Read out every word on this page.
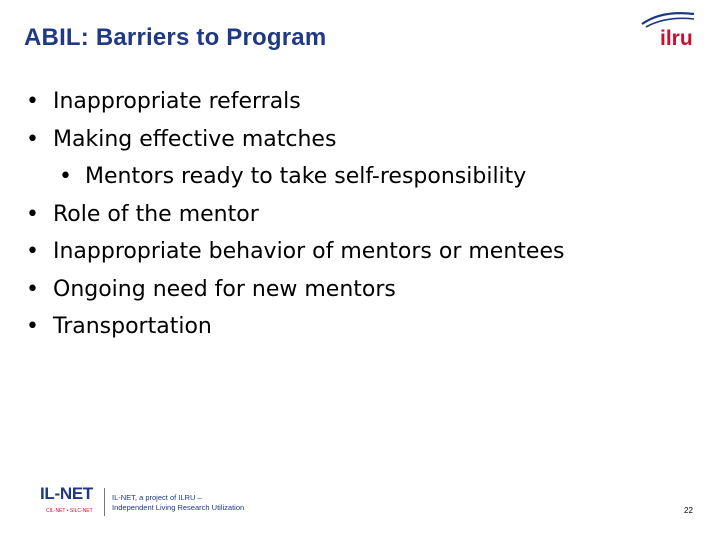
ABIL: Barriers to Program	ilru
• Inappropriate referrals
• Making effective matches
• Mentors ready to take self-responsibility
• Role of the mentor
• Inappropriate behavior of mentors or mentees
• Ongoing need for new mentors
• Transportation
IL-NET
CIL-NET • SILC-NET
IL-NET, a project of ILRU –
Independent Living Research Utilization	22
